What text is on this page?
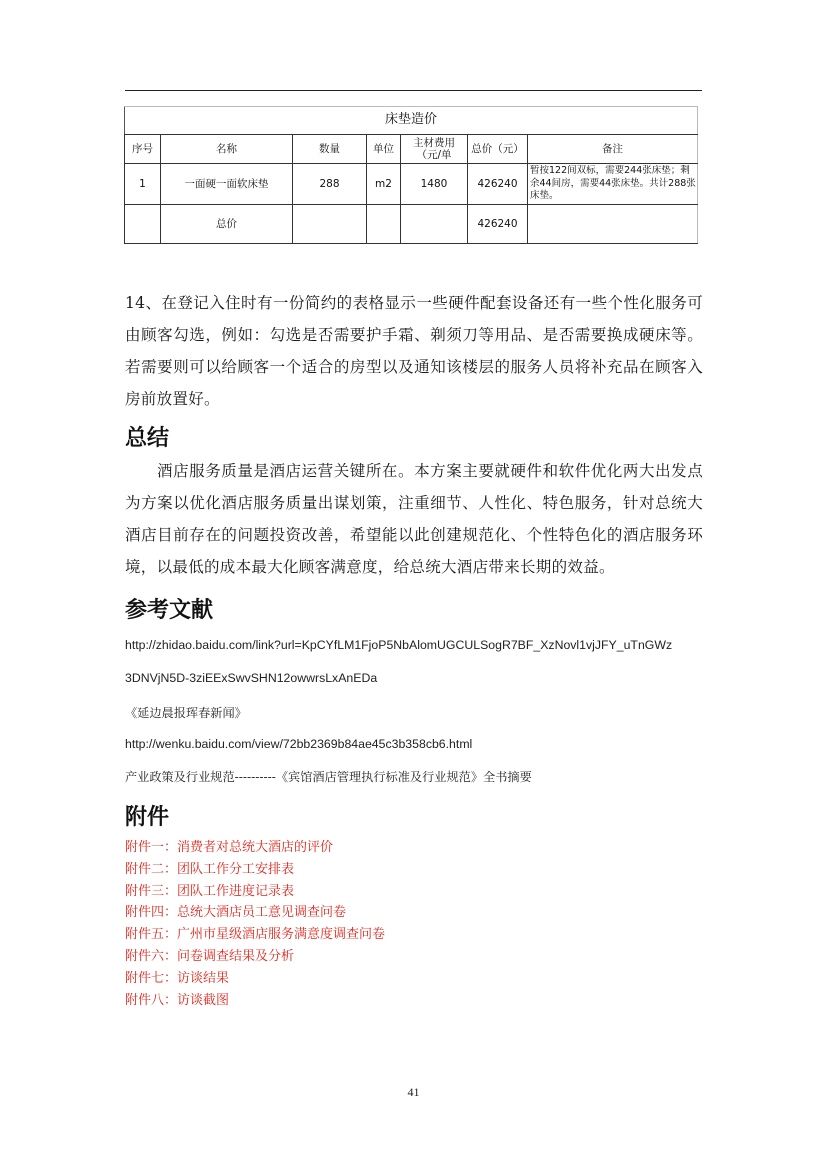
床垫造价						
序号	名称	数量	单位	主材费用（元/单	总价（元）	备注
1	一面硬一面软床垫	288	m2	1480	426240	暂按122间双标，需要244张床垫；剩余44间房，需要44张床垫。共计288张床垫。

	总价				426240	
14、在登记入住时有一份简约的表格显示一些硬件配套设备还有一些个性化服务可由顾客勾选，例如：勾选是否需要护手霜、剃须刀等用品、是否需要换成硬床等。若需要则可以给顾客一个适合的房型以及通知该楼层的服务人员将补充品在顾客入房前放置好。
总结
酒店服务质量是酒店运营关键所在。本方案主要就硬件和软件优化两大出发点为方案以优化酒店服务质量出谋划策，注重细节、人性化、特色服务，针对总统大酒店目前存在的问题投资改善，希望能以此创建规范化、个性特色化的酒店服务环境，以最低的成本最大化顾客满意度，给总统大酒店带来长期的效益。
参考文献
http://zhidao.baidu.com/link?url=KpCYfLM1FjoP5NbAlomUGCULSogR7BF_XzNovl1vjJFY_uTnGWz
3DNVjN5D-3ziEExSwvSHN12owwrsLxAnEDa
《延边晨报珲春新闻》
http://wenku.baidu.com/view/72bb2369b84ae45c3b358cb6.html
产业政策及行业规范----------《宾馆酒店管理执行标准及行业规范》全书摘要
附件
附件一：消费者对总统大酒店的评价
附件二：团队工作分工安排表
附件三：团队工作进度记录表
附件四：总统大酒店员工意见调查问卷
附件五：广州市星级酒店服务满意度调查问卷
附件六：问卷调查结果及分析
附件七：访谈结果
附件八：访谈截图
41
